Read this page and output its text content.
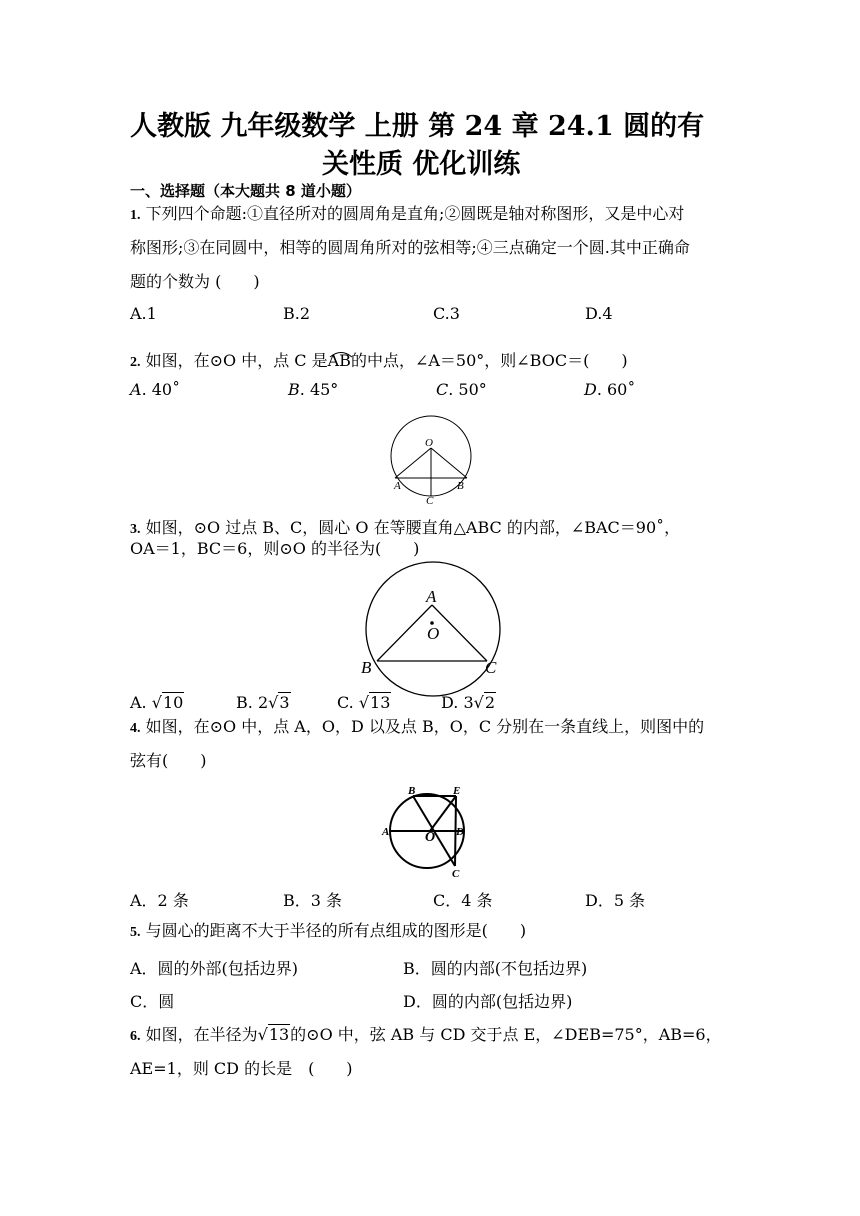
人教版 九年级数学 上册 第 24 章 24.1 圆的有
关性质 优化训练
一、选择题（本大题共 8 道小题）
1. 下列四个命题:①直径所对的圆周角是直角;②圆既是轴对称图形，又是中心对
称图形;③在同圆中，相等的圆周角所对的弦相等;④三点确定一个圆.其中正确命
题的个数为 (　　)
A.1	B.2	C.3	D.4
2. 如图，在⊙O 中，点 C 是
AB的中点，∠A＝50°，则∠BOC＝(　　)
A. 40˚	B. 45°	C. 50°	D. 60˚
O
A	B
C
3. 如图，⊙O 过点 B、C，圆心 O 在等腰直角△ABC 的内部，∠BAC＝90˚，
OA＝1，BC＝6，则⊙O 的半径为(　　)
A
O
B	C
A. √10	B. 2√3	C. √13	D. 3√2
4. 如图，在⊙O 中，点 A，O，D 以及点 B，O，C 分别在一条直线上，则图中的
弦有(　　)
B	E
A	O D
C
A．2 条	B．3 条	C．4 条	D．5 条
5. 与圆心的距离不大于半径的所有点组成的图形是(　　)
A．圆的外部(包括边界)	B．圆的内部(不包括边界)
C．圆	D．圆的内部(包括边界)
6. 如图，在半径为√13的⊙O 中，弦 AB 与 CD 交于点 E，∠DEB=75°，AB=6，
AE=1，则 CD 的长是　(　　)
